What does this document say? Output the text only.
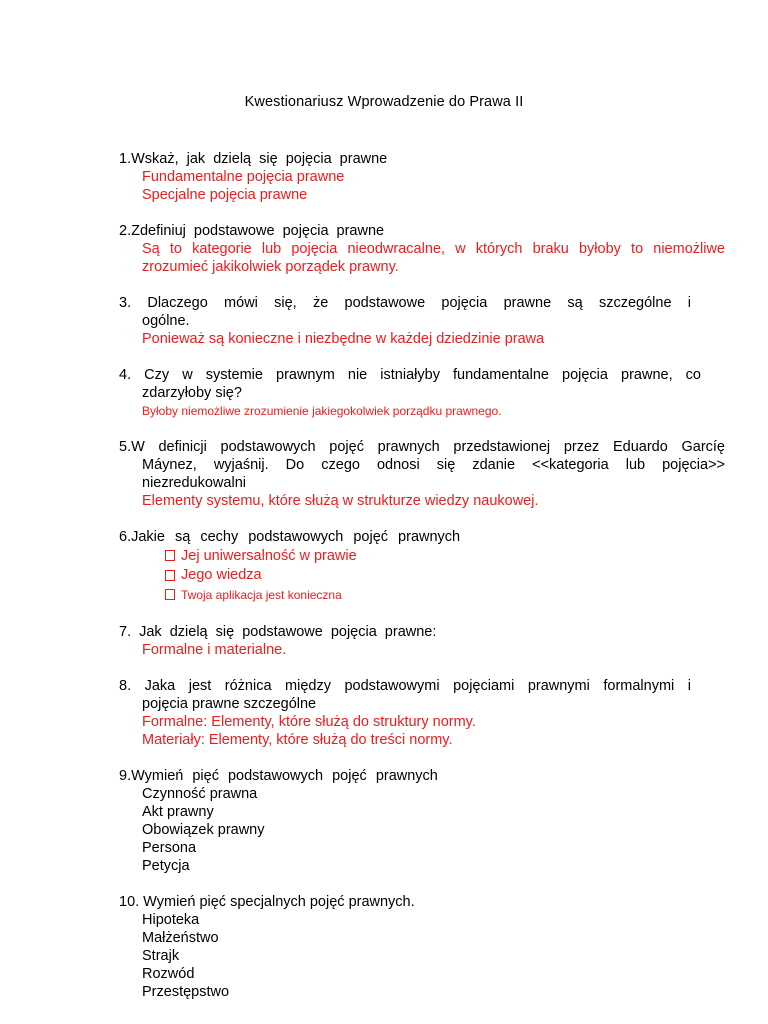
Kwestionariusz Wprowadzenie do Prawa II
1.Wskaż, jak dzielą się pojęcia prawne
Fundamentalne pojęcia prawne
Specjalne pojęcia prawne
2.Zdefiniuj podstawowe pojęcia prawne
Są to kategorie lub pojęcia nieodwracalne, w których braku byłoby to niemożliwe
zrozumieć jakikolwiek porządek prawny.
3. Dlaczego mówi się, że podstawowe pojęcia prawne są szczególne i
ogólne.
Ponieważ są konieczne i niezbędne w każdej dziedzinie prawa
4. Czy w systemie prawnym nie istniałyby fundamentalne pojęcia prawne, co
zdarzyłoby się?
Byłoby niemożliwe zrozumienie jakiegokolwiek porządku prawnego.
5.W definicji podstawowych pojęć prawnych przedstawionej przez Eduardo Garcíę
Máynez, wyjaśnij. Do czego odnosi się zdanie <<kategoria lub pojęcia>>
niezredukowalni
Elementy systemu, które służą w strukturze wiedzy naukowej.
6.Jakie są cechy podstawowych pojęć prawnych
Jej uniwersalność w prawie
Jego wiedza
Twoja aplikacja jest konieczna
7. Jak dzielą się podstawowe pojęcia prawne:
Formalne i materialne.
8. Jaka jest różnica między podstawowymi pojęciami prawnymi formalnymi i
pojęcia prawne szczególne
Formalne: Elementy, które służą do struktury normy.
Materiały: Elementy, które służą do treści normy.
9.Wymień pięć podstawowych pojęć prawnych
Czynność prawna
Akt prawny
Obowiązek prawny
Persona
Petycja
10. Wymień pięć specjalnych pojęć prawnych.
Hipoteka
Małżeństwo
Strajk
Rozwód
Przestępstwo
